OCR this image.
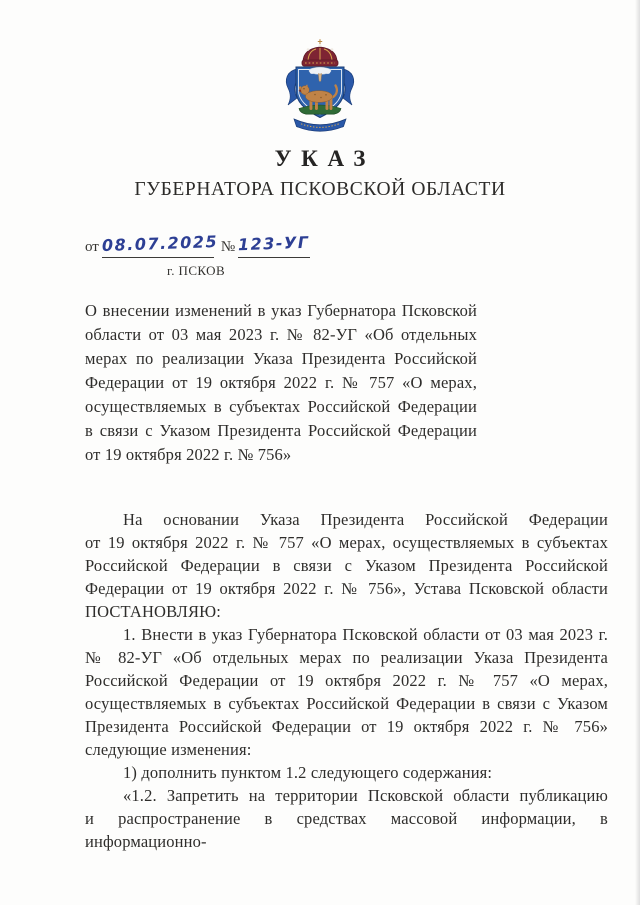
УКАЗ
ГУБЕРНАТОРА ПСКОВСКОЙ ОБЛАСТИ
от 08.07.2025 № 123-УГ
г. ПСКОВ
О внесении изменений в указ Губернатора Псковской
области от 03 мая 2023 г. № 82-УГ «Об отдельных
мерах по реализации Указа Президента Российской
Федерации от 19 октября 2022 г. № 757 «О мерах,
осуществляемых в субъектах Российской Федерации
в связи с Указом Президента Российской Федерации
от 19 октября 2022 г. № 756»
На основании Указа Президента Российской Федерации
от 19 октября 2022 г. № 757 «О мерах, осуществляемых в субъектах
Российской Федерации в связи с Указом Президента Российской
Федерации от 19 октября 2022 г. № 756», Устава Псковской области
ПОСТАНОВЛЯЮ:
1. Внести в указ Губернатора Псковской области от 03 мая 2023 г.
№ 82-УГ «Об отдельных мерах по реализации Указа Президента
Российской Федерации от 19 октября 2022 г. № 757 «О мерах,
осуществляемых в субъектах Российской Федерации в связи с Указом
Президента Российской Федерации от 19 октября 2022 г. № 756»
следующие изменения:
1) дополнить пунктом 1.2 следующего содержания:
«1.2. Запретить на территории Псковской области публикацию
и распространение в средствах массовой информации, в информационно-
